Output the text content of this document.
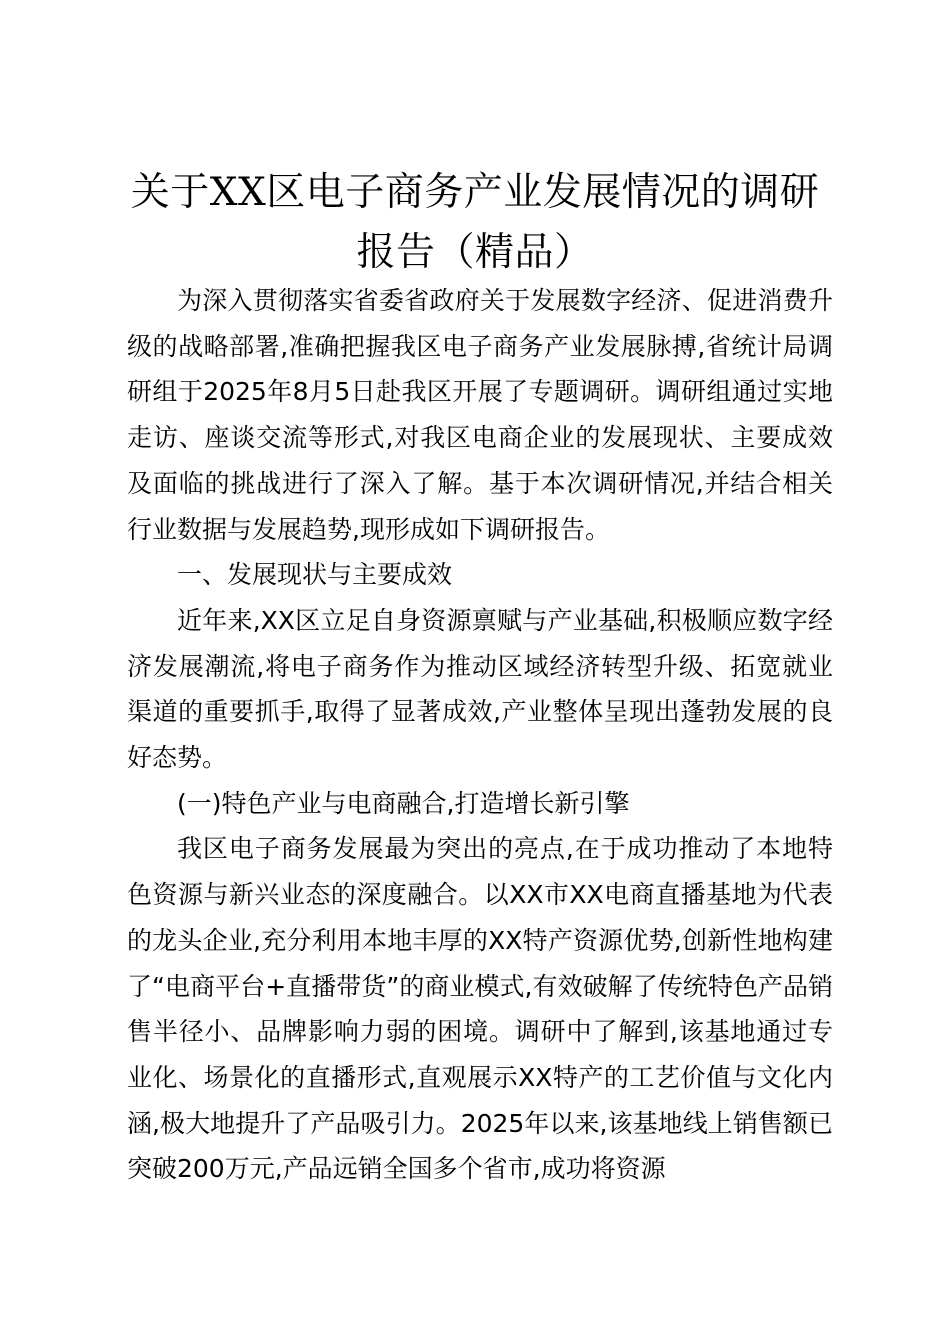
关于XX区电子商务产业发展情况的调研报告（精品）

为深入贯彻落实省委省政府关于发展数字经济、促进消费升级的战略部署,准确把握我区电子商务产业发展脉搏,省统计局调研组于2025年8月5日赴我区开展了专题调研。调研组通过实地走访、座谈交流等形式,对我区电商企业的发展现状、主要成效及面临的挑战进行了深入了解。基于本次调研情况,并结合相关行业数据与发展趋势,现形成如下调研报告。

一、发展现状与主要成效

近年来,XX区立足自身资源禀赋与产业基础,积极顺应数字经济发展潮流,将电子商务作为推动区域经济转型升级、拓宽就业渠道的重要抓手,取得了显著成效,产业整体呈现出蓬勃发展的良好态势。

(一)特色产业与电商融合,打造增长新引擎

我区电子商务发展最为突出的亮点,在于成功推动了本地特色资源与新兴业态的深度融合。以XX市XX电商直播基地为代表的龙头企业,充分利用本地丰厚的XX特产资源优势,创新性地构建了“电商平台+直播带货”的商业模式,有效破解了传统特色产品销售半径小、品牌影响力弱的困境。调研中了解到,该基地通过专业化、场景化的直播形式,直观展示XX特产的工艺价值与文化内涵,极大地提升了产品吸引力。2025年以来,该基地线上销售额已突破200万元,产品远销全国多个省市,成功将资源
